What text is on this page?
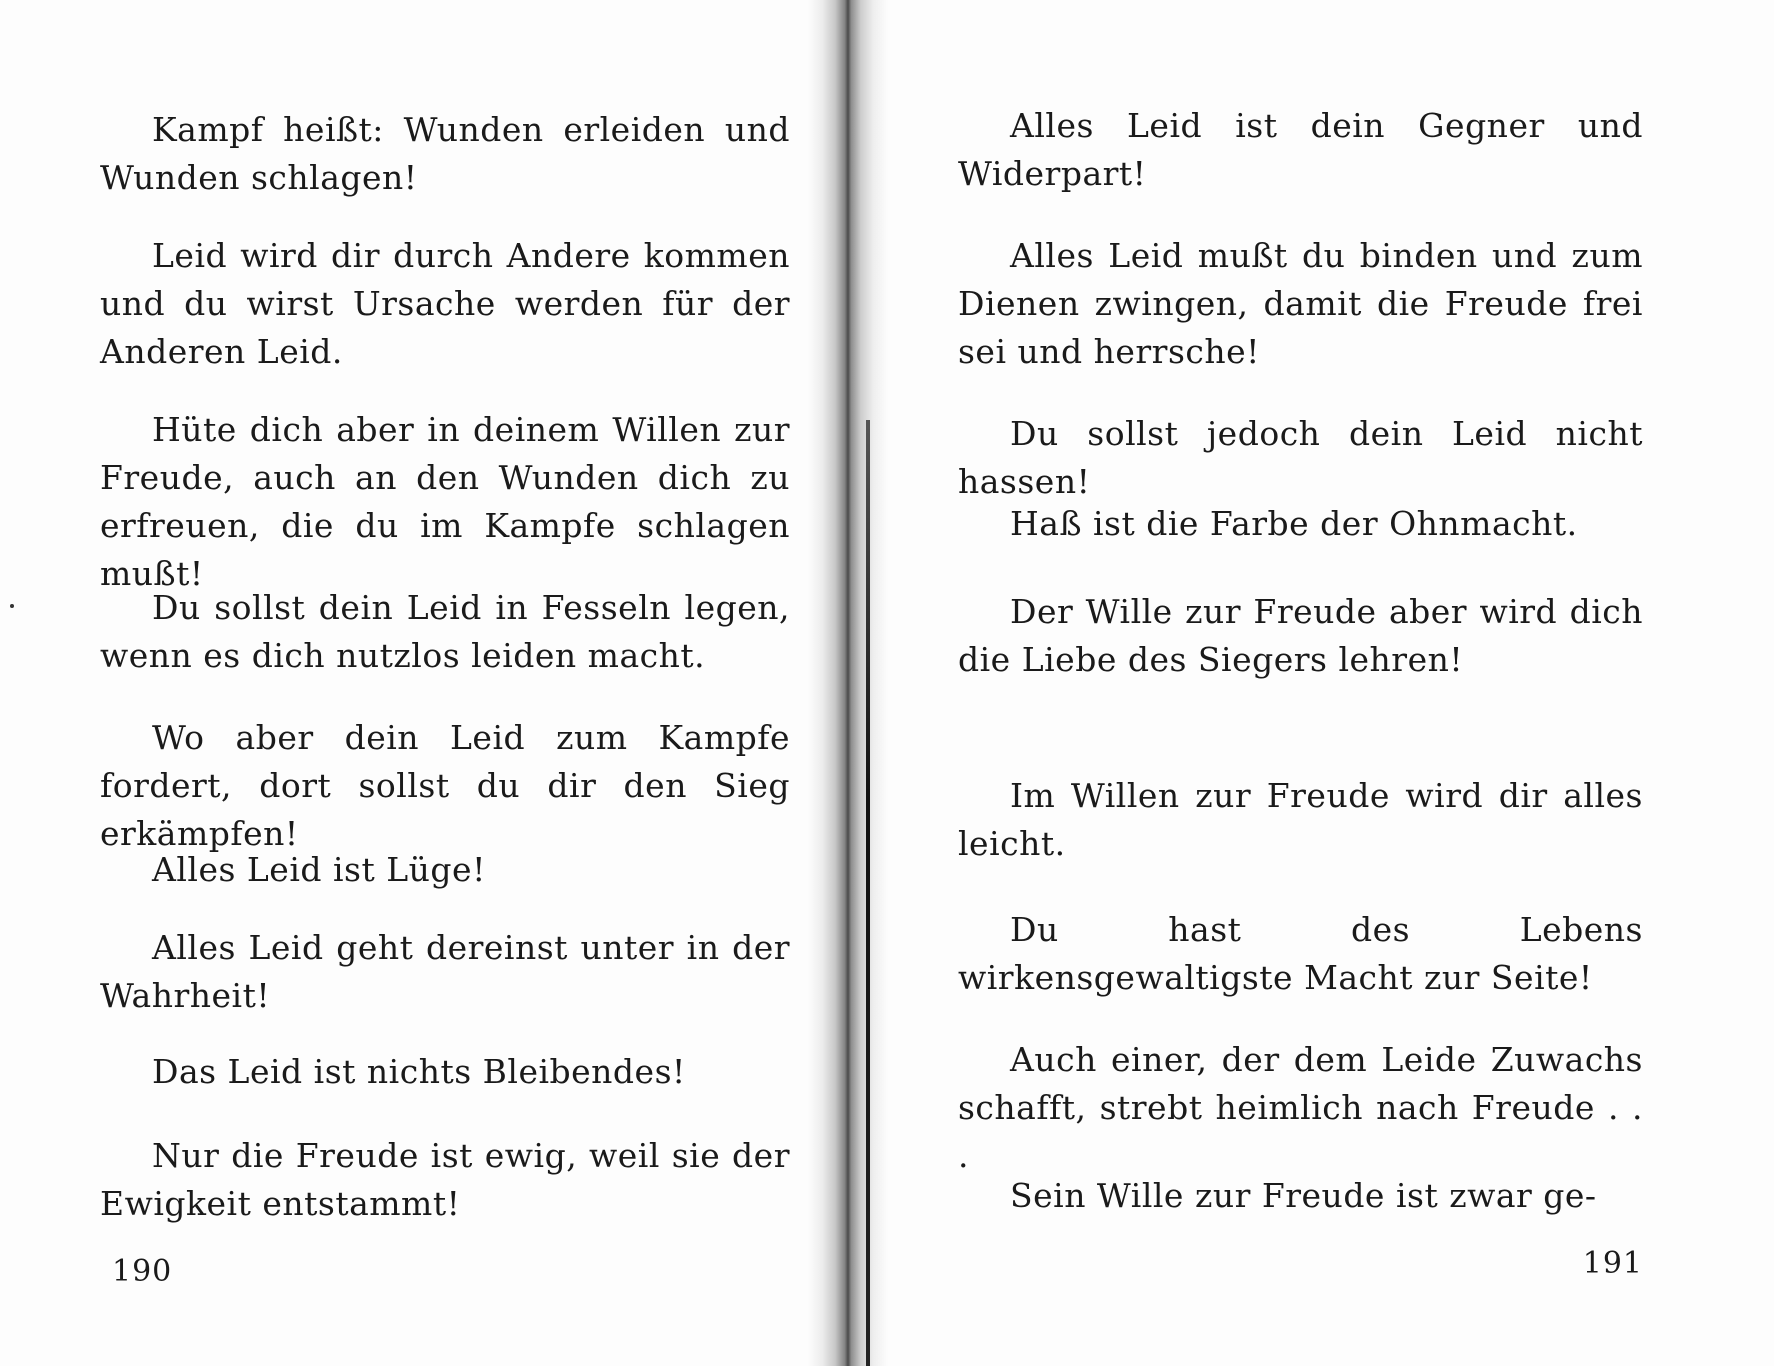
Kampf heißt: Wunden erleiden und Wunden schlagen!

Leid wird dir durch Andere kommen und du wirst Ursache werden für der Anderen Leid.

Hüte dich aber in deinem Willen zur Freude, auch an den Wunden dich zu erfreuen, die du im Kampfe schlagen mußt!

Du sollst dein Leid in Fesseln legen, wenn es dich nutzlos leiden macht.

Wo aber dein Leid zum Kampfe fordert, dort sollst du dir den Sieg erkämpfen!

Alles Leid ist Lüge!

Alles Leid geht dereinst unter in der Wahrheit!

Das Leid ist nichts Bleibendes!

Nur die Freude ist ewig, weil sie der Ewigkeit entstammt!

190

Alles Leid ist dein Gegner und Widerpart!

Alles Leid mußt du binden und zum Dienen zwingen, damit die Freude frei sei und herrsche!

Du sollst jedoch dein Leid nicht hassen!

Haß ist die Farbe der Ohnmacht.

Der Wille zur Freude aber wird dich die Liebe des Siegers lehren!

Im Willen zur Freude wird dir alles leicht.

Du hast des Lebens wirkensgewaltigste Macht zur Seite!

Auch einer, der dem Leide Zuwachs schafft, strebt heimlich nach Freude . . .

Sein Wille zur Freude ist zwar ge-

191
